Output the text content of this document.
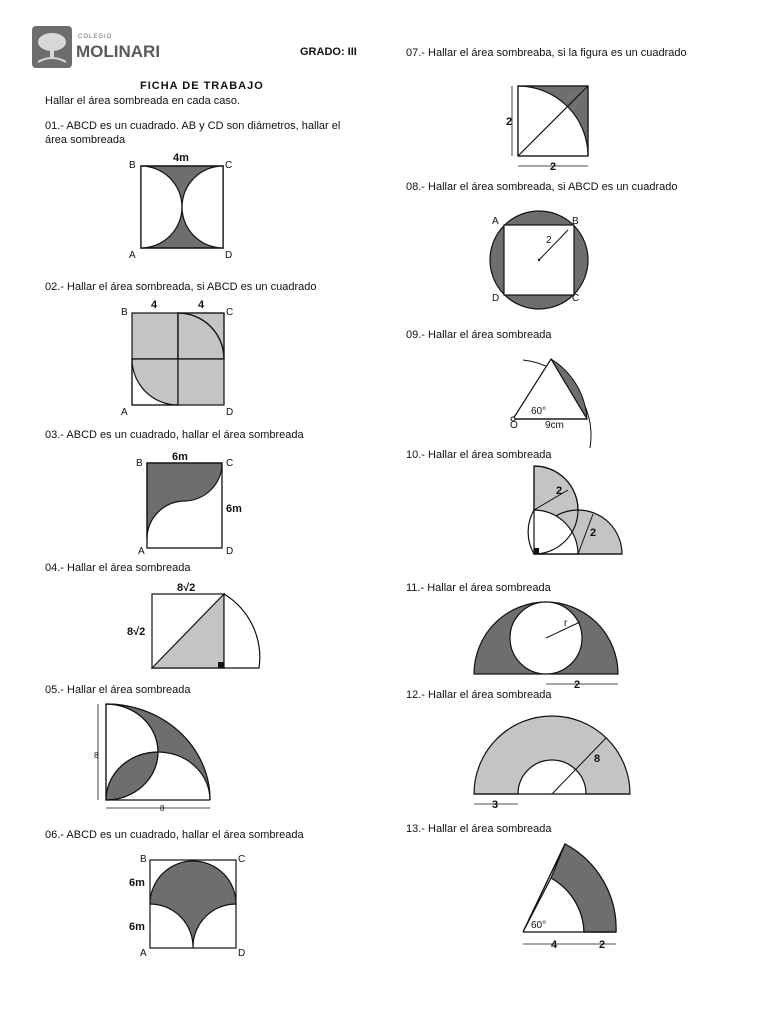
COLEGIO
MOLINARI	GRADO: III
FICHA DE TRABAJO
Hallar el área sombreada en cada caso.
01.- ABCD es un cuadrado. AB y CD son diámetros, hallar el área sombreada
B	C
A	D
4m
02.- Hallar el área sombreada, si ABCD es un cuadrado
B	C
A	D
4	4
03.- ABCD es un cuadrado, hallar el área sombreada
B	C
A	D
6m
6m
04.- Hallar el área sombreada
8√2
8√2
05.- Hallar el área sombreada
8
8
06.- ABCD es un cuadrado, hallar el área sombreada
B	C
A	D
6m
6m
07.- Hallar el área sombreaba, si la figura es un cuadrado
2
2
08.- Hallar el área sombreada, si ABCD es un cuadrado
A	B
D	C
2
09.- Hallar el área sombreada
60°
O	9cm
10.- Hallar el área sombreada
2
2
11.- Hallar el área sombreada
r
2
12.- Hallar el área sombreada
8
3
13.- Hallar el área sombreada
60°
4	2
